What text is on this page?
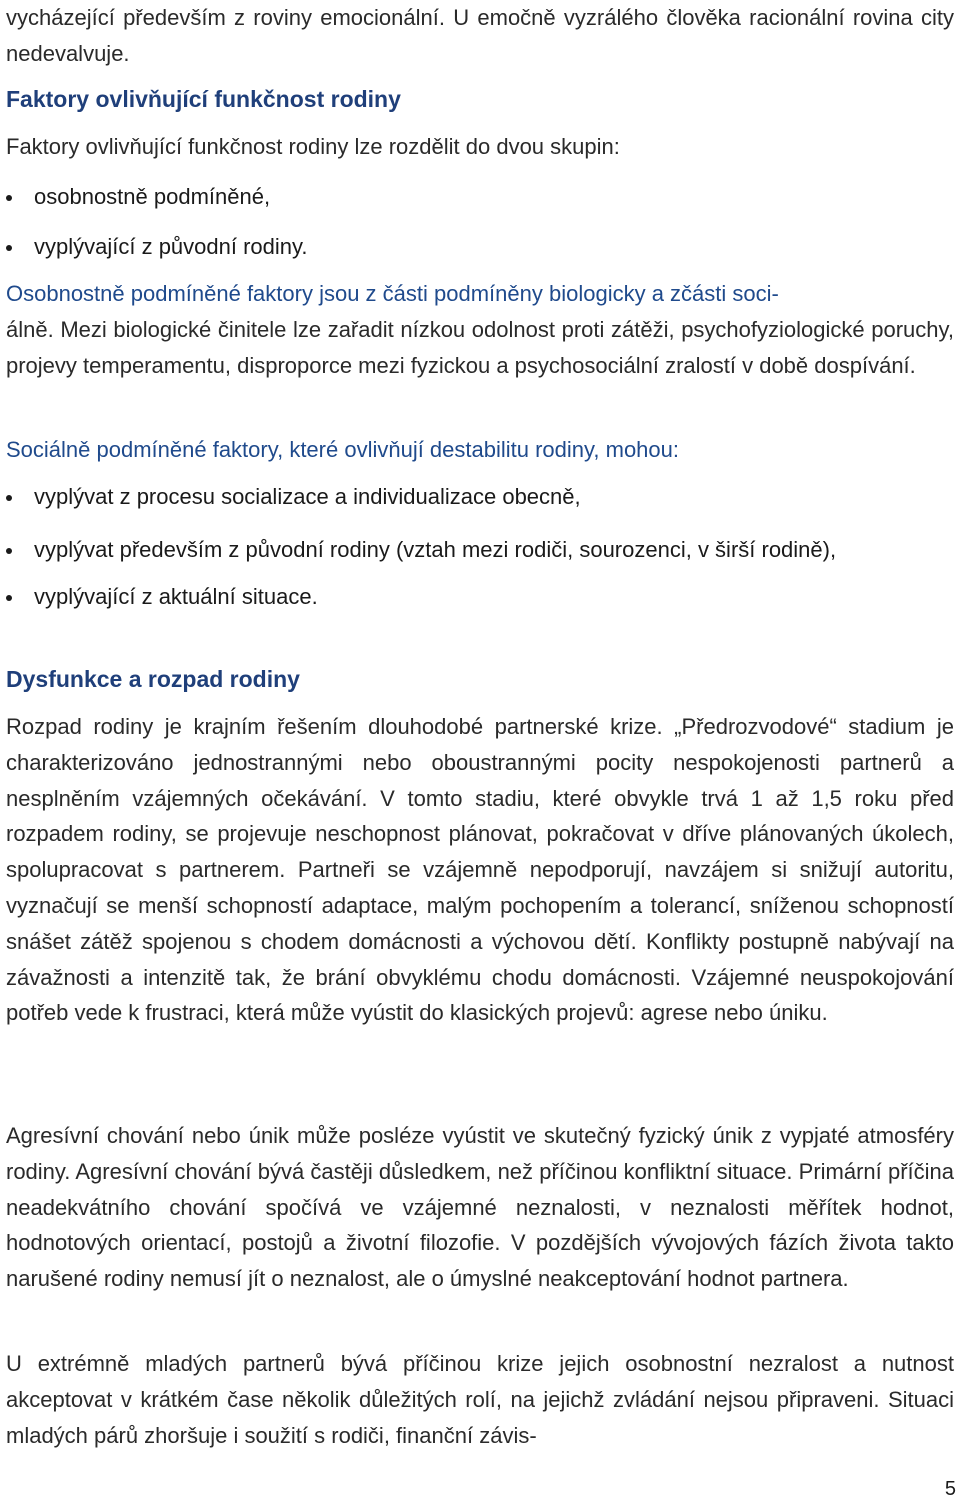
vycházející především z roviny emocionální. U emočně vyzrálého člověka racionální rovina city nedevalvuje.

Faktory ovlivňující funkčnost rodiny

Faktory ovlivňující funkčnost rodiny lze rozdělit do dvou skupin:

osobnostně podmíněné,
vyplývající z původní rodiny.

Osobnostně podmíněné faktory jsou z části podmíněny biologicky a zčásti soci-
álně. Mezi biologické činitele lze zařadit nízkou odolnost proti zátěži, psychofyziologické poruchy, projevy temperamentu, disproporce mezi fyzickou a psychosociální zralostí v době dospívání.

Sociálně podmíněné faktory, které ovlivňují destabilitu rodiny, mohou:

vyplývat z procesu socializace a individualizace obecně,
vyplývat především z původní rodiny (vztah mezi rodiči, sourozenci, v širší rodině),
vyplývající z aktuální situace.
Dysfunkce a rozpad rodiny

Rozpad rodiny je krajním řešením dlouhodobé partnerské krize. „Předrozvodové“ stadium je charakterizováno jednostrannými nebo oboustrannými pocity nespokojenosti partnerů a nesplněním vzájemných očekávání. V tomto stadiu, které obvykle trvá 1 až 1,5 roku před rozpadem rodiny, se projevuje neschopnost plánovat, pokračovat v dříve plánovaných úkolech, spolupracovat s partnerem. Partneři se vzájemně nepodporují, navzájem si snižují autoritu, vyznačují se menší schopností adaptace, malým pochopením a tolerancí, sníženou schopností snášet zátěž spojenou s chodem domácnosti a výchovou dětí. Konflikty postupně nabývají na závažnosti a intenzitě tak, že brání obvyklému chodu domácnosti. Vzájemné neuspokojování potřeb vede k frustraci, která může vyústit do klasických projevů: agrese nebo úniku.

Agresívní chování nebo únik může posléze vyústit ve skutečný fyzický únik z vypjaté atmosféry rodiny. Agresívní chování bývá častěji důsledkem, než příčinou konfliktní situace. Primární příčina neadekvátního chování spočívá ve vzájemné neznalosti, v neznalosti měřítek hodnot, hodnotových orientací, postojů a životní filozofie. V pozdějších vývojových fázích života takto narušené rodiny nemusí jít o neznalost, ale o úmyslné neakceptování hodnot partnera.

U extrémně mladých partnerů bývá příčinou krize jejich osobnostní nezralost a nutnost akceptovat v krátkém čase několik důležitých rolí, na jejichž zvládání nejsou připraveni. Situaci mladých párů zhoršuje i soužití s rodiči, finanční závis-

5
